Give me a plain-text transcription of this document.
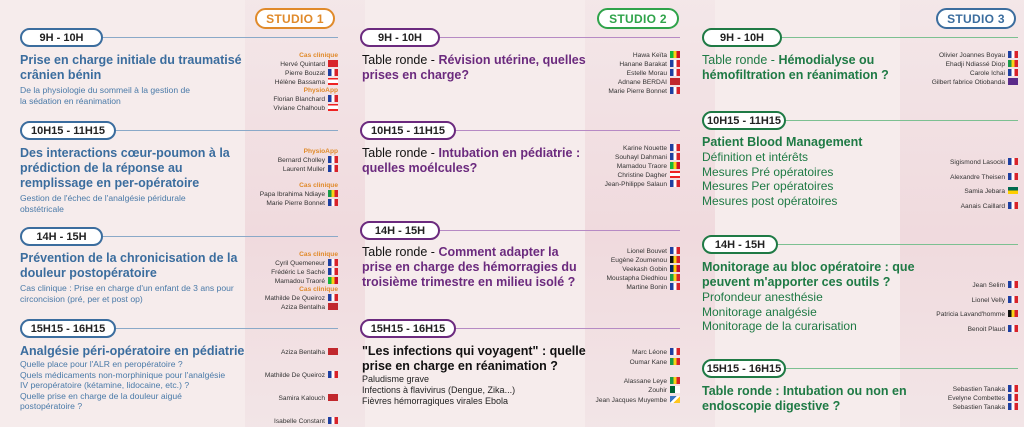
STUDIO 1
9H - 10H
Prise en charge initiale du traumatisé
crânien bénin
De la physiologie du sommeil à la gestion de
la sédation en réanimation
Cas clinique
Hervé Quintard
Pierre Bouzat
Hélène Bassama
PhysioApp
Florian Blanchard
Viviane Chalhoub
10H15 - 11H15
Des interactions cœur-poumon à la
prédiction de la réponse au
remplissage en per-opératoire
Gestion de l'échec de l'analgésie péridurale
obstétricale
PhysioApp
Bernard Cholley
Laurent Muller

Cas clinique
Papa Ibrahima Ndiaye
Marie Pierre Bonnet
14H - 15H
Prévention de la chronicisation de la
douleur postopératoire
Cas clinique : Prise en charge d'un enfant de 3 ans pour
circoncision (pré, per et post op)
Cas clinique
Cyril Quemeneur
Frédéric Le Saché
Mamadou Traoré
Cas clinique
Mathilde De Queiroz
Aziza Bentalha
15H15 - 16H15
Analgésie péri-opératoire en pédiatrie
Quelle place pour l'ALR en peropératoire ?
Quels médicaments non-morphinique pour l'analgésie
IV peropératoire (kétamine, lidocaine, etc.) ?
Quelle prise en charge de la douleur aigué
postopératoire ?
Aziza Bentalha

Mathilde De Queiroz

Samira Kalouch

Isabelle Constant
STUDIO 2
9H - 10H
Table ronde - Révision utérine, quelles
prises en charge?
Hawa Keïta
Hanane Barakat
Estelle Morau
Adnane BERDAI
Marie Pierre Bonnet
10H15 - 11H15
Table ronde - Intubation en pédiatrie :
quelles moélcules?
Karine Nouette
Souhayl Dahmani
Mamadou Traore
Christine Dagher
Jean-Philippe Salaun
14H - 15H
Table ronde - Comment adapter la
prise en charge des hémorragies du
troisième trimestre en milieu isolé ?
Lionel Bouvet
Eugène Zoumenou
Veekash Gobin
Moustapha Diedhiou
Martine Bonin
15H15 - 16H15
"Les infections qui voyagent" : quelle
prise en charge en réanimation ?
Paludisme grave
Infections à flavivirus (Dengue, Zika...)
Fièvres hémorragiques virales Ebola
Marc Léone
Oumar Kane

Alassane Leye
Zouhir
Jean Jacques Muyembe
STUDIO 3
9H - 10H
Table ronde - Hémodialyse ou
hémofiltration en réanimation ?
Olivier Joannes Boyau
Ehadji Ndiassé Diop
Carole Ichai
Gilbert fabrice Otiobanda
10H15 - 11H15
Patient Blood Management
Définition et intérêts
Mesures Pré opératoires
Mesures Per opératoires
Mesures post opératoires
Sigismond Lasocki
Alexandre Theisen
Samia Jebara
Aanais Caillard
14H - 15H
Monitorage au bloc opératoire : que
peuvent m'apporter ces outils ?
Profondeur anesthésie
Monitorage analgésie
Monitorage de la curarisation
Jean Selim
Lionel Velly
Patricia Lavand'homme
Benoit Plaud
15H15 - 16H15
Table ronde : Intubation ou non en
endoscopie digestive ?
Sebastien Tanaka
Evelyne Combettes
Sebastien Tanaka
